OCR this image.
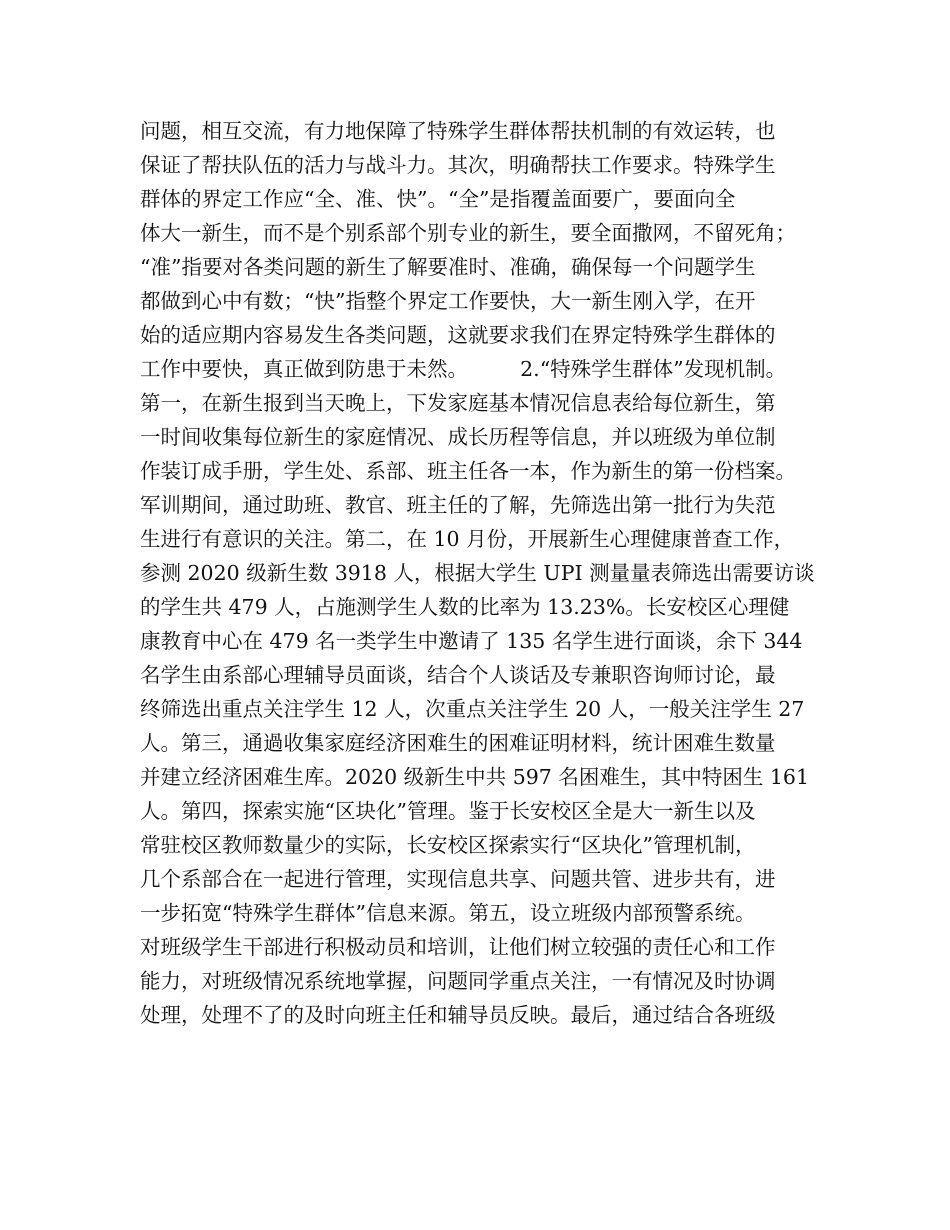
问题，相互交流，有力地保障了特殊学生群体帮扶机制的有效运转，也
保证了帮扶队伍的活力与战斗力。其次，明确帮扶工作要求。特殊学生
群体的界定工作应“全、准、快”。“全”是指覆盖面要广，要面向全
体大一新生，而不是个别系部个别专业的新生，要全面撒网，不留死角；
“准”指要对各类问题的新生了解要准时、准确，确保每一个问题学生
都做到心中有数；“快”指整个界定工作要快，大一新生刚入学，在开
始的适应期内容易发生各类问题，这就要求我们在界定特殊学生群体的
工作中要快，真正做到防患于未然。        2.“特殊学生群体”发现机制。
第一，在新生报到当天晚上，下发家庭基本情况信息表给每位新生，第
一时间收集每位新生的家庭情况、成长历程等信息，并以班级为单位制
作装订成手册，学生处、系部、班主任各一本，作为新生的第一份档案。
军训期间，通过助班、教官、班主任的了解，先筛选出第一批行为失范
生进行有意识的关注。第二，在 10 月份，开展新生心理健康普查工作，
参测 2020 级新生数 3918 人，根据大学生 UPI 测量量表筛选出需要访谈
的学生共 479 人，占施测学生人数的比率为 13.23%。长安校区心理健
康教育中心在 479 名一类学生中邀请了 135 名学生进行面谈，余下 344
名学生由系部心理辅导员面谈，结合个人谈话及专兼职咨询师讨论，最
终筛选出重点关注学生 12 人，次重点关注学生 20 人，一般关注学生 27
人。第三，通過收集家庭经济困难生的困难证明材料，统计困难生数量
并建立经济困难生库。2020 级新生中共 597 名困难生，其中特困生 161
人。第四，探索实施“区块化”管理。鉴于长安校区全是大一新生以及
常驻校区教师数量少的实际，长安校区探索实行“区块化”管理机制，
几个系部合在一起进行管理，实现信息共享、问题共管、进步共有，进
一步拓宽“特殊学生群体”信息来源。第五，设立班级内部预警系统。
对班级学生干部进行积极动员和培训，让他们树立较强的责任心和工作
能力，对班级情况系统地掌握，问题同学重点关注，一有情况及时协调
处理，处理不了的及时向班主任和辅导员反映。最后，通过结合各班级
